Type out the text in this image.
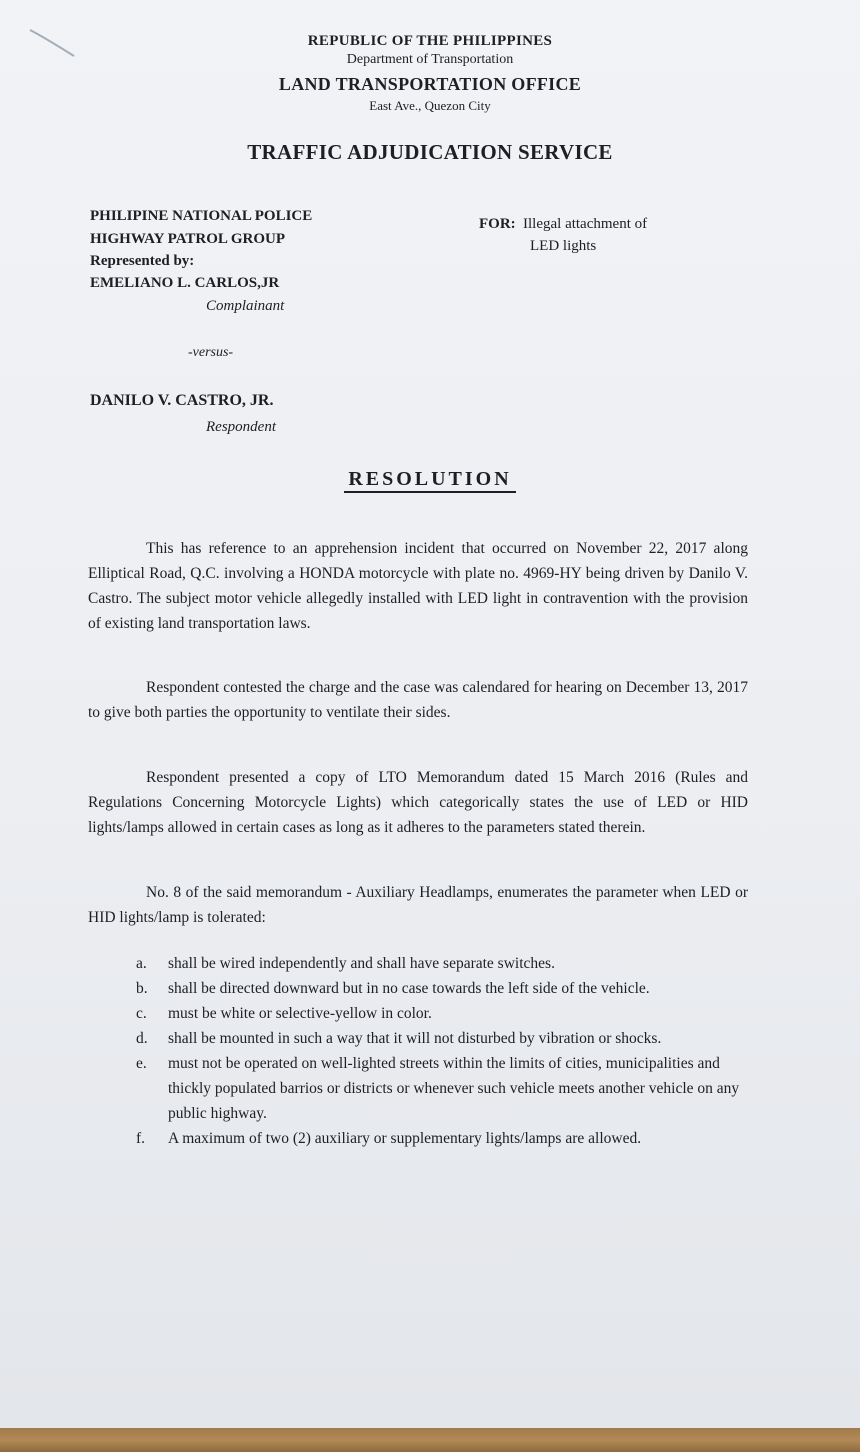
REPUBLIC OF THE PHILIPPINES
Department of Transportation
LAND TRANSPORTATION OFFICE
East Ave., Quezon City
TRAFFIC ADJUDICATION SERVICE
PHILIPINE NATIONAL POLICE
HIGHWAY PATROL GROUP
Represented by:
EMELIANO L. CARLOS,JR
Complainant
FOR: Illegal attachment of
LED lights
-versus-
DANILO V. CASTRO, JR.
Respondent
RESOLUTION
This has reference to an apprehension incident that occurred on November 22, 2017 along Elliptical Road, Q.C. involving a HONDA motorcycle with plate no. 4969-HY being driven by Danilo V. Castro. The subject motor vehicle allegedly installed with LED light in contravention with the provision of existing land transportation laws.
Respondent contested the charge and the case was calendared for hearing on December 13, 2017 to give both parties the opportunity to ventilate their sides.
Respondent presented a copy of LTO Memorandum dated 15 March 2016 (Rules and Regulations Concerning Motorcycle Lights) which categorically states the use of LED or HID lights/lamps allowed in certain cases as long as it adheres to the parameters stated therein.
No. 8 of the said memorandum - Auxiliary Headlamps, enumerates the parameter when LED or HID lights/lamp is tolerated:
a.	shall be wired independently and shall have separate switches.
b.	shall be directed downward but in no case towards the left side of the vehicle.
c.	must be white or selective-yellow in color.
d.	shall be mounted in such a way that it will not disturbed by vibration or shocks.
e.	must not be operated on well-lighted streets within the limits of cities, municipalities and thickly populated barrios or districts or whenever such vehicle meets another vehicle on any public highway.
f.	A maximum of two (2) auxiliary or supplementary lights/lamps are allowed.
